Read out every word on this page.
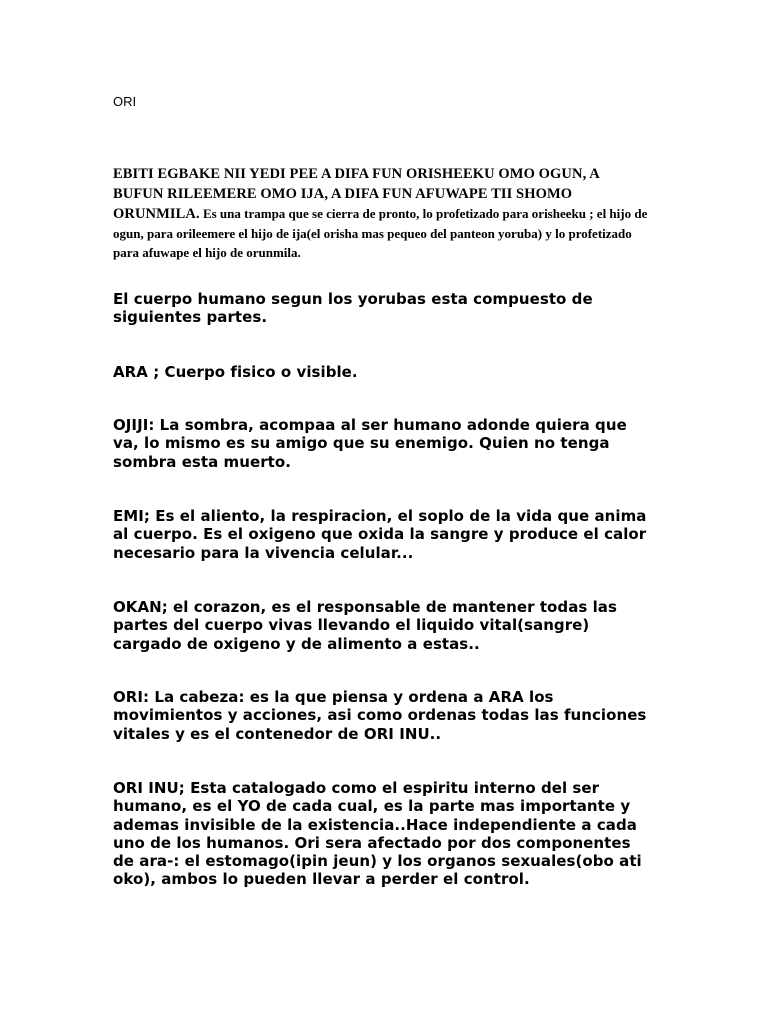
ORI

EBITI EGBAKE NII YEDI PEE A DIFA FUN ORISHEEKU OMO OGUN, A BUFUN RILEEMERE OMO IJA, A DIFA FUN AFUWAPE TII SHOMO ORUNMILA. Es una trampa que se cierra de pronto, lo profetizado para orisheeku ; el hijo de ogun, para orileemere el hijo de ija(el orisha mas pequeo del panteon yoruba) y lo profetizado para afuwape el hijo de orunmila.

El cuerpo humano segun los yorubas esta compuesto de siguientes partes.

ARA ; Cuerpo fisico o visible.

OJIJI: La sombra, acompaa al ser humano adonde quiera que va, lo mismo es su amigo que su enemigo. Quien no tenga sombra esta muerto.

EMI; Es el aliento, la respiracion, el soplo de la vida que anima al cuerpo. Es el oxigeno que oxida la sangre y produce el calor necesario para la vivencia celular...

OKAN; el corazon, es el responsable de mantener todas las partes del cuerpo vivas llevando el liquido vital(sangre) cargado de oxigeno y de alimento a estas..

ORI: La cabeza: es la que piensa y ordena a ARA los movimientos y acciones, asi como ordenas todas las funciones vitales y es el contenedor de ORI INU..

ORI INU; Esta catalogado como el espiritu interno del ser humano, es el YO de cada cual, es la parte mas importante y ademas invisible de la existencia..Hace independiente a cada uno de los humanos. Ori sera afectado por dos componentes de ara-: el estomago(ipin jeun) y los organos sexuales(obo ati oko), ambos lo pueden llevar a perder el control.
